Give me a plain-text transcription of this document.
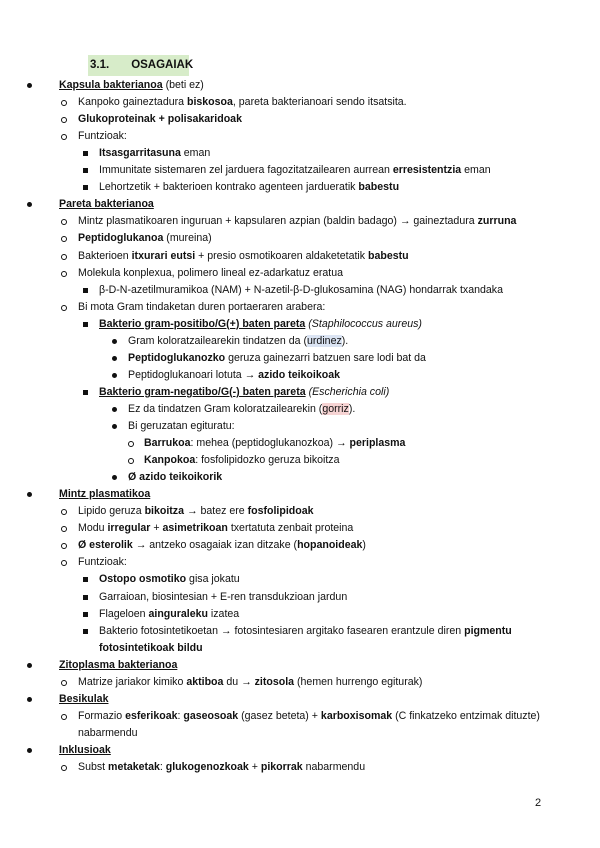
3.1. OSAGAIAK
Kapsula bakterianoa (beti ez)
Kanpoko gaineztadura biskosoa, pareta bakterianoari sendo itsatsita.
Glukoproteinak + polisakaridoak
Funtzioak:
Itsasgarritasuna eman
Immunitate sistemaren zel jarduera fagozitatzailearen aurrean erresistentzia eman
Lehortzetik + bakterioen kontrako agenteen jardueratik babestu
Pareta bakterianoa
Mintz plasmatikoaren inguruan + kapsularen azpian (baldin badago) → gaineztadura zurruna
Peptidoglukanoa (mureina)
Bakterioen itxurari eutsi + presio osmotikoaren aldaketetatik babestu
Molekula konplexua, polimero lineal ez-adarkatuz eratua
β-D-N-azetilmuramikoa (NAM) + N-azetil-β-D-glukosamina (NAG) hondarrak txandaka
Bi mota Gram tindaketan duren portaeraren arabera:
Bakterio gram-positibo/G(+) baten pareta (Staphilococcus aureus)
Gram koloratzailearekin tindatzen da (urdinez).
Peptidoglukanozko geruza gainezarri batzuen sare lodi bat da
Peptidoglukanoari lotuta → azido teikoikoak
Bakterio gram-negatibo/G(-) baten pareta (Escherichia coli)
Ez da tindatzen Gram koloratzailearekin (gorriz).
Bi geruzatan egituratu:
Barrukoa: mehea (peptidoglukanozkoa) → periplasma
Kanpokoa: fosfolipidozko geruza bikoitza
Ø azido teikoikorik
Mintz plasmatikoa
Lipido geruza bikoitza → batez ere fosfolipidoak
Modu irregular + asimetrikoan txertatuta zenbait proteina
Ø esterolik → antzeko osagaiak izan ditzake (hopanoideak)
Funtzioak:
Ostopo osmotiko gisa jokatu
Garraioan, biosintesian + E-ren transdukzioan jardun
Flageloen ainguraleku izatea
Bakterio fotosintetikoetan → fotosintesiaren argitako fasearen erantzule diren pigmentu
fotosintetikoak bildu
Zitoplasma bakterianoa
Matrize jariakor kimiko aktiboa du → zitosola (hemen hurrengo egiturak)
Besikulak
Formazio esferikoak: gaseosoak (gasez beteta) + karboxisomak (C finkatzeko entzimak dituzte)
nabarmendu
Inklusioak
Subst metaketak: glukogenozkoak + pikorrak nabarmendu
2
